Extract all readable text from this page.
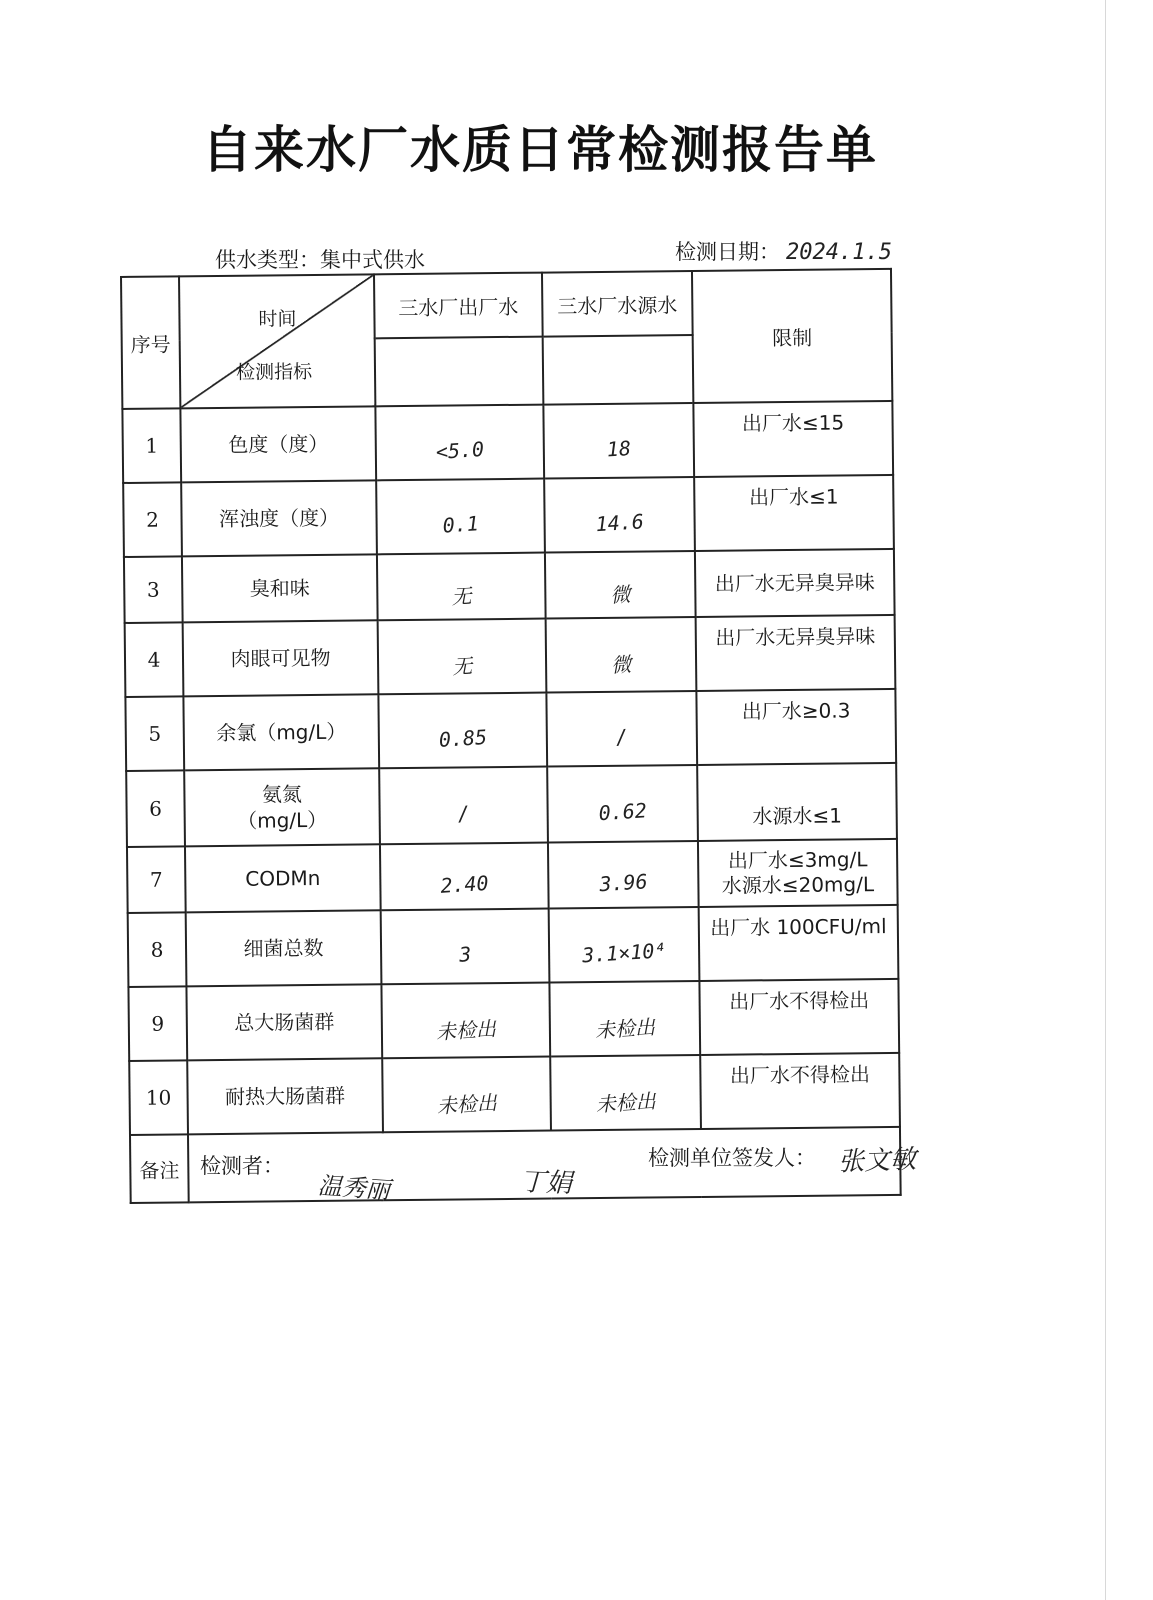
自来水厂水质日常检测报告单
供水类型：集中式供水	检测日期： 2024.1.5
序号	时间
检测指标	三水厂出厂水	三水厂水源水	限制

1	色度（度）	<5.0	18	出厂水≤15
2	浑浊度（度）	0.1	14.6	出厂水≤1
3	臭和味	无	微	出厂水无异臭异味
4	肉眼可见物	无	微	出厂水无异臭异味
5	余氯（mg/L）	0.85	/	出厂水≥0.3
6	氨氮
（mg/L）	/	0.62	水源水≤1
7	CODMn	2.40	3.96	出厂水≤3mg/L
水源水≤20mg/L
8	细菌总数	3	3.1×10⁴	出厂水 100CFU/ml
9	总大肠菌群	未检出	未检出	出厂水不得检出
10	耐热大肠菌群	未检出	未检出	出厂水不得检出
备注				检测者：
温秀丽	丁娟
检测单位签发人： 张文敏
